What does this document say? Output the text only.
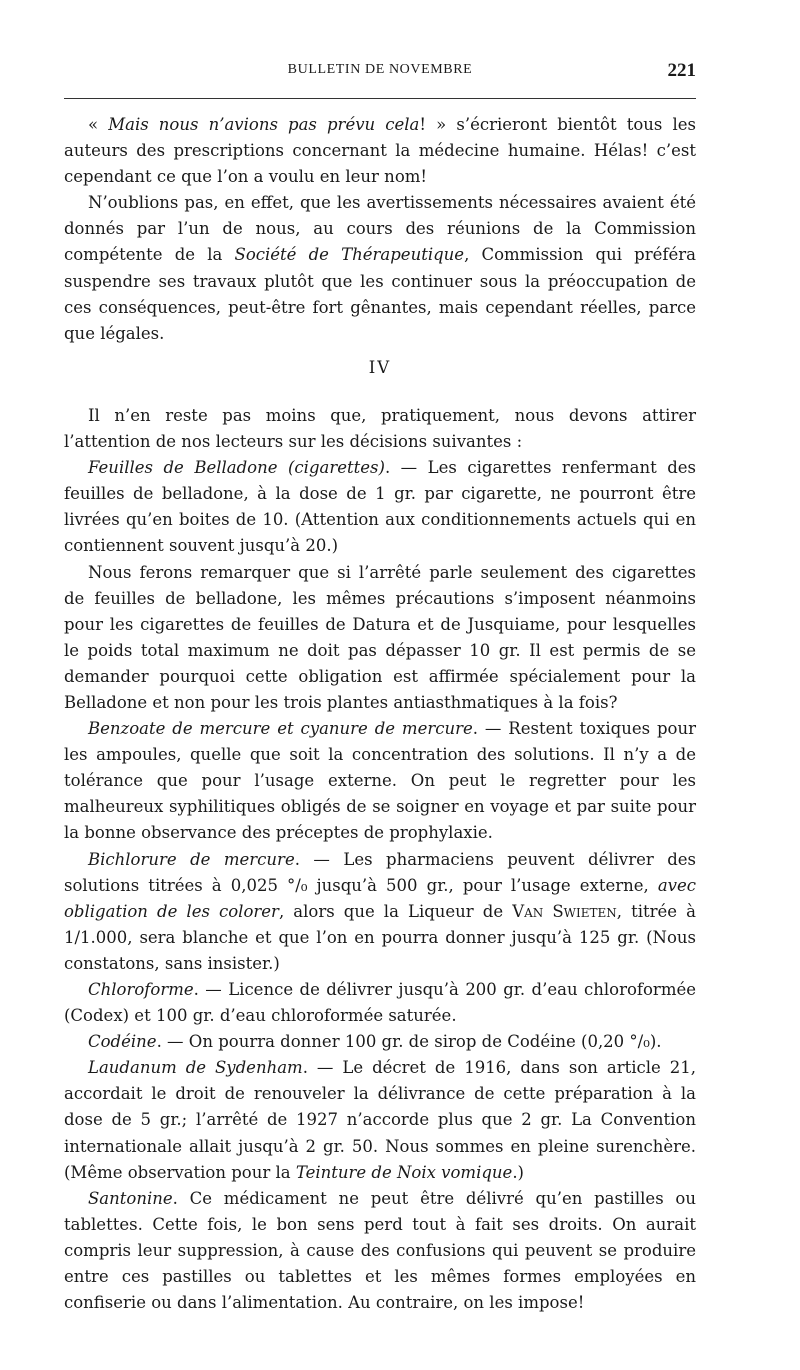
BULLETIN DE NOVEMBRE	221

« Mais nous n’avions pas prévu cela! » s’écrieront bientôt tous les auteurs des prescriptions concernant la médecine humaine. Hélas! c’est cependant ce que l’on a voulu en leur nom!

N’oublions pas, en effet, que les avertissements nécessaires avaient été donnés par l’un de nous, au cours des réunions de la Commission compétente de la Société de Thérapeutique, Commission qui préféra suspendre ses travaux plutôt que les continuer sous la préoccupation de ces conséquences, peut-être fort gênantes, mais cependant réelles, parce que légales.

IV

Il n’en reste pas moins que, pratiquement, nous devons attirer l’attention de nos lecteurs sur les décisions suivantes :

Feuilles de Belladone (cigarettes). — Les cigarettes renfermant des feuilles de belladone, à la dose de 1 gr. par cigarette, ne pourront être livrées qu’en boites de 10. (Attention aux conditionnements actuels qui en contiennent souvent jusqu’à 20.)

Nous ferons remarquer que si l’arrêté parle seulement des cigarettes de feuilles de belladone, les mêmes précautions s’imposent néanmoins pour les cigarettes de feuilles de Datura et de Jusquiame, pour lesquelles le poids total maximum ne doit pas dépasser 10 gr. Il est permis de se demander pourquoi cette obligation est affirmée spécialement pour la Belladone et non pour les trois plantes antiasthmatiques à la fois?

Benzoate de mercure et cyanure de mercure. — Restent toxiques pour les ampoules, quelle que soit la concentration des solutions. Il n’y a de tolérance que pour l’usage externe. On peut le regretter pour les malheureux syphilitiques obligés de se soigner en voyage et par suite pour la bonne observance des préceptes de prophylaxie.

Bichlorure de mercure. — Les pharmaciens peuvent délivrer des solutions titrées à 0,025 °/₀ jusqu’à 500 gr., pour l’usage externe, avec obligation de les colorer, alors que la Liqueur de Van Swieten, titrée à 1/1.000, sera blanche et que l’on en pourra donner jusqu’à 125 gr. (Nous constatons, sans insister.)

Chloroforme. — Licence de délivrer jusqu’à 200 gr. d’eau chloroformée (Codex) et 100 gr. d’eau chloroformée saturée.

Codéine. — On pourra donner 100 gr. de sirop de Codéine (0,20 °/₀).

Laudanum de Sydenham. — Le décret de 1916, dans son article 21, accordait le droit de renouveler la délivrance de cette préparation à la dose de 5 gr.; l’arrêté de 1927 n’accorde plus que 2 gr. La Convention internationale allait jusqu’à 2 gr. 50. Nous sommes en pleine surenchère. (Même observation pour la Teinture de Noix vomique.)

Santonine. Ce médicament ne peut être délivré qu’en pastilles ou tablettes. Cette fois, le bon sens perd tout à fait ses droits. On aurait compris leur suppression, à cause des confusions qui peuvent se produire entre ces pastilles ou tablettes et les mêmes formes employées en confiserie ou dans l’alimentation. Au contraire, on les impose!
